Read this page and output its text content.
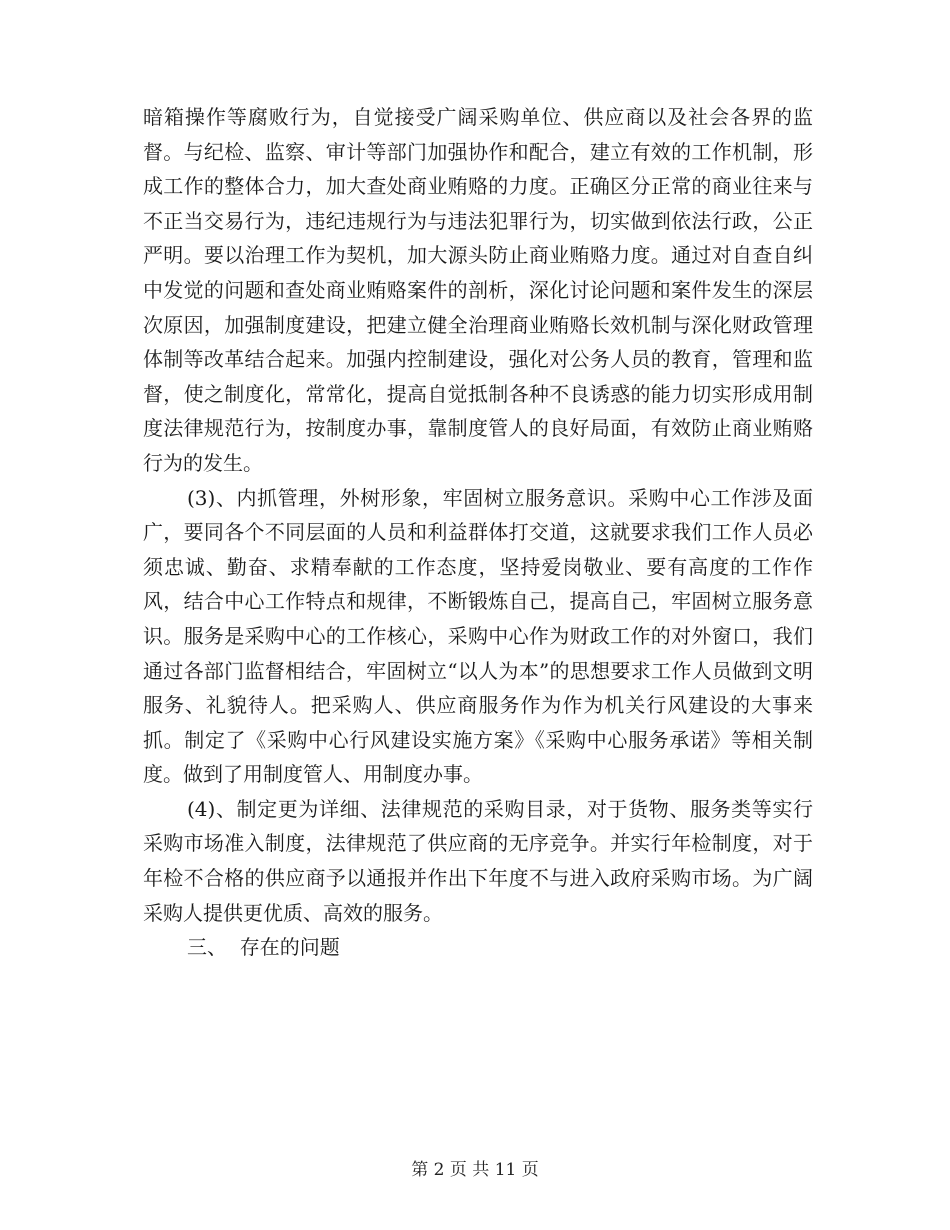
暗箱操作等腐败行为，自觉接受广阔采购单位、供应商以及社会各界的监督。与纪检、监察、审计等部门加强协作和配合，建立有效的工作机制，形成工作的整体合力，加大查处商业贿赂的力度。正确区分正常的商业往来与不正当交易行为，违纪违规行为与违法犯罪行为，切实做到依法行政，公正严明。要以治理工作为契机，加大源头防止商业贿赂力度。通过对自查自纠中发觉的问题和查处商业贿赂案件的剖析，深化讨论问题和案件发生的深层次原因，加强制度建设，把建立健全治理商业贿赂长效机制与深化财政管理体制等改革结合起来。加强内控制建设，强化对公务人员的教育，管理和监督，使之制度化，常常化，提高自觉抵制各种不良诱惑的能力切实形成用制度法律规范行为，按制度办事，靠制度管人的良好局面，有效防止商业贿赂行为的发生。

(3)、内抓管理，外树形象，牢固树立服务意识。采购中心工作涉及面广，要同各个不同层面的人员和利益群体打交道，这就要求我们工作人员必须忠诚、勤奋、求精奉献的工作态度，坚持爱岗敬业、要有高度的工作作风，结合中心工作特点和规律，不断锻炼自己，提高自己，牢固树立服务意识。服务是采购中心的工作核心，采购中心作为财政工作的对外窗口，我们通过各部门监督相结合，牢固树立“以人为本”的思想要求工作人员做到文明服务、礼貌待人。把采购人、供应商服务作为作为机关行风建设的大事来抓。制定了《采购中心行风建设实施方案》《采购中心服务承诺》等相关制度。做到了用制度管人、用制度办事。

(4)、制定更为详细、法律规范的采购目录，对于货物、服务类等实行采购市场准入制度，法律规范了供应商的无序竞争。并实行年检制度，对于年检不合格的供应商予以通报并作出下年度不与进入政府采购市场。为广阔采购人提供更优质、高效的服务。

三、  存在的问题

第 2 页 共 11 页
